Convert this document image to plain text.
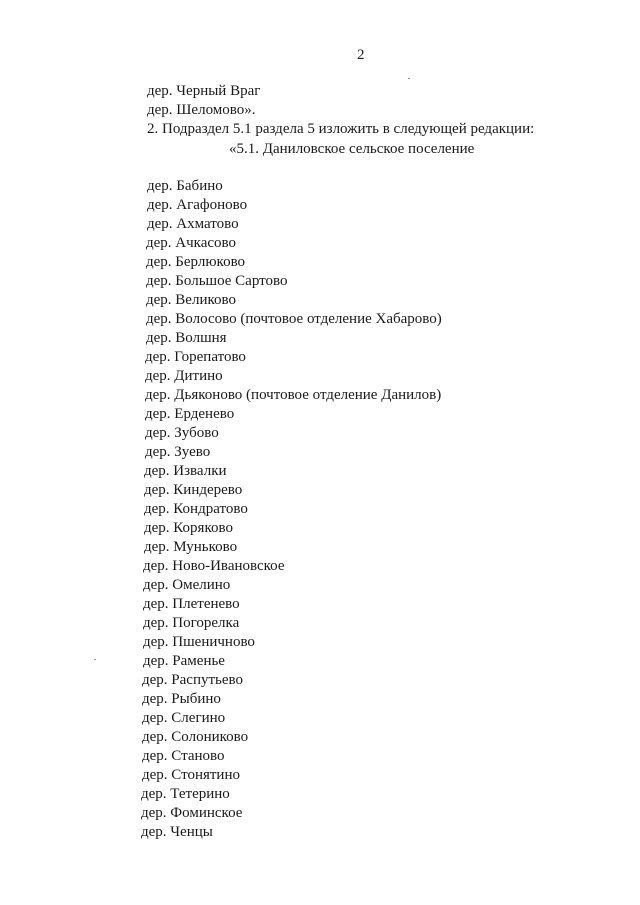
2
дер. Черный Враг
дер. Шеломово».
2. Подраздел 5.1 раздела 5 изложить в следующей редакции:
«5.1. Даниловское сельское поселение
дер. Бабино
дер. Агафоново
дер. Ахматово
дер. Ачкасово
дер. Берлюково
дер. Большое Сартово
дер. Великово
дер. Волосово (почтовое отделение Хабарово)
дер. Волшня
дер. Горепатово
дер. Дитино
дер. Дьяконово (почтовое отделение Данилов)
дер. Ерденево
дер. Зубово
дер. Зуево
дер. Извалки
дер. Киндерево
дер. Кондратово
дер. Коряково
дер. Муньково
дер. Ново-Ивановское
дер. Омелино
дер. Плетенево
дер. Погорелка
дер. Пшеничново
дер. Раменье
дер. Распутьево
дер. Рыбино
дер. Слегино
дер. Солониково
дер. Станово
дер. Стонятино
дер. Тетерино
дер. Фоминское
дер. Ченцы
